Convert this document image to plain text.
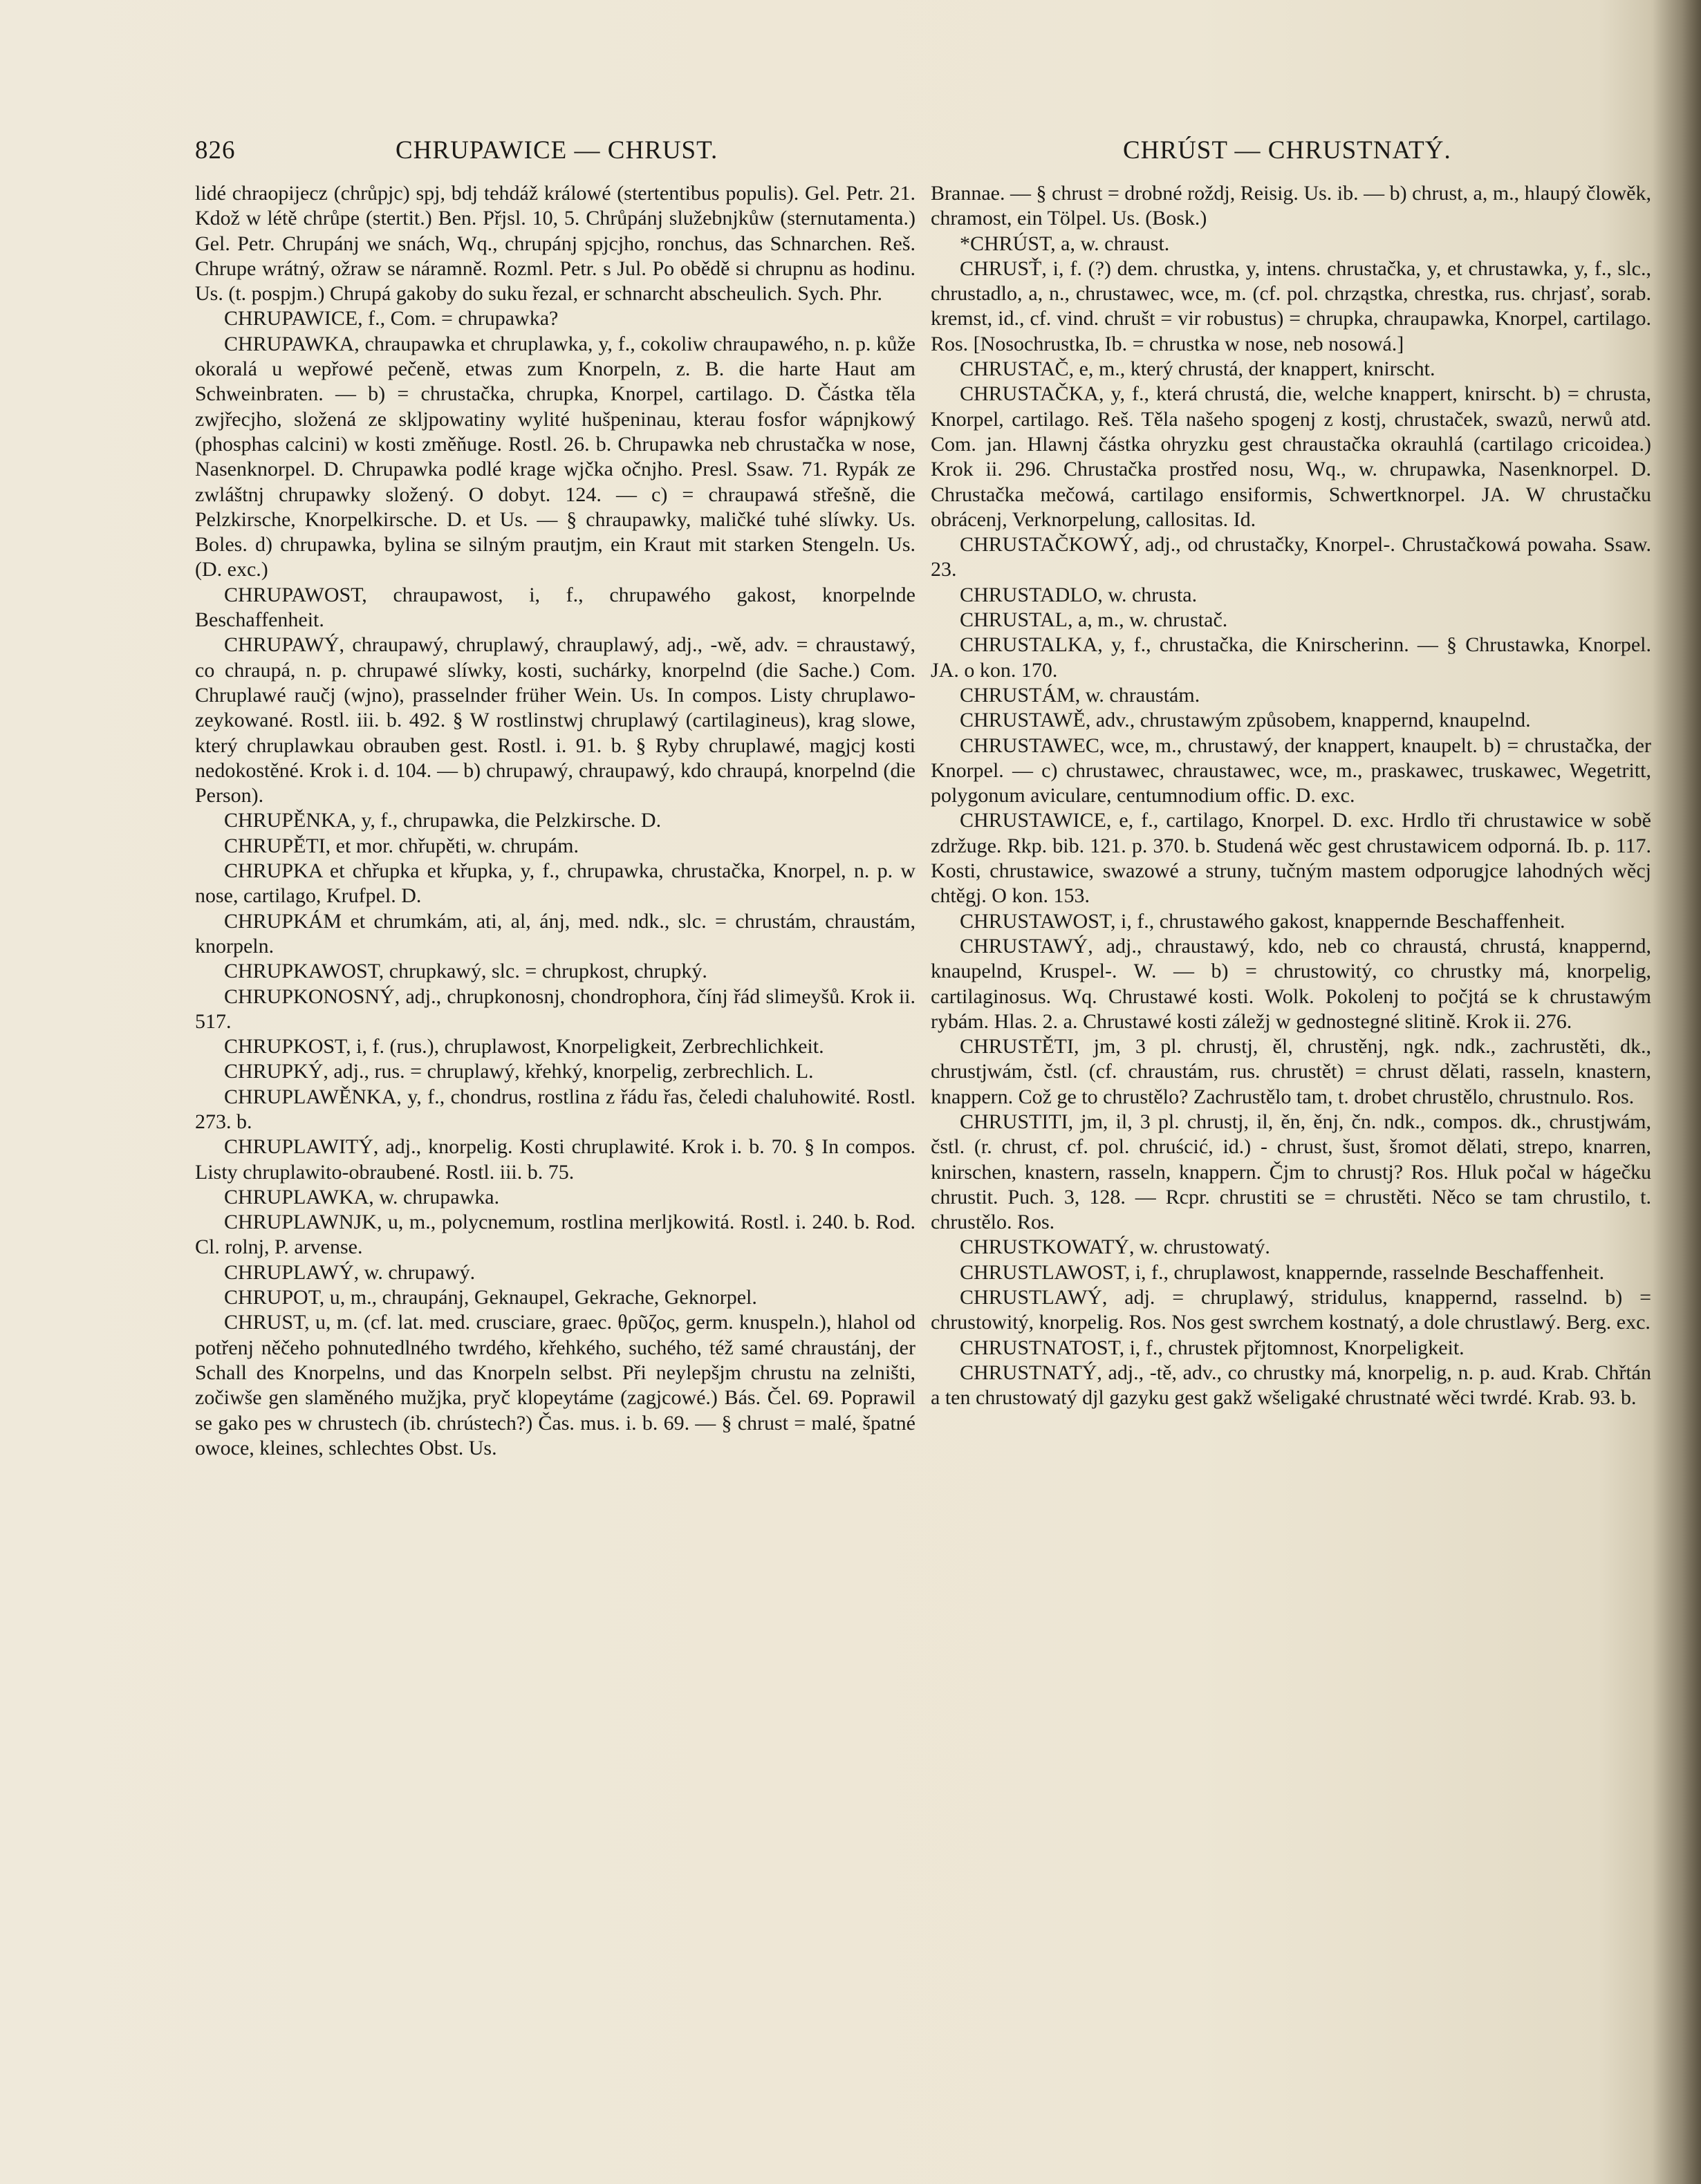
826	CHRUPAWICE — CHRUST.	CHRÚST — CHRUSTNATÝ.

lidé chraopijecz (chrůpjc) spj, bdj tehdáž králowé (stertentibus populis). Gel. Petr. 21. Kdož w létě chrůpe (stertit.) Ben. Přjsl. 10, 5. Chrůpánj služebnjkůw (sternutamenta.) Gel. Petr. Chrupánj we snách, Wq., chrupánj spjcjho, ronchus, das Schnarchen. Reš. Chrupe wrátný, ožraw se náramně. Rozml. Petr. s Jul. Po obědě si chrupnu as hodinu. Us. (t. pospjm.) Chrupá gakoby do suku řezal, er schnarcht abscheulich. Sych. Phr.

CHRUPAWICE, f., Com. = chrupawka?

CHRUPAWKA, chraupawka et chruplawka, y, f., cokoliw chraupawého, n. p. kůže okoralá u wepřowé pečeně, etwas zum Knorpeln, z. B. die harte Haut am Schweinbraten. — b) = chrustačka, chrupka, Knorpel, cartilago. D. Částka těla zwjřecjho, složená ze skljpowatiny wylité hušpeninau, kterau fosfor wápnjkowý (phosphas calcini) w kosti změňuge. Rostl. 26. b. Chrupawka neb chrustačka w nose, Nasenknorpel. D. Chrupawka podlé krage wjčka očnjho. Presl. Ssaw. 71. Rypák ze zwláštnj chrupawky složený. O dobyt. 124. — c) = chraupawá střešně, die Pelzkirsche, Knorpelkirsche. D. et Us. — § chraupawky, maličké tuhé slíwky. Us. Boles. d) chrupawka, bylina se silným prautjm, ein Kraut mit starken Stengeln. Us. (D. exc.)

CHRUPAWOST, chraupawost, i, f., chrupawého gakost, knorpelnde Beschaffenheit.

CHRUPAWÝ, chraupawý, chruplawý, chrauplawý, adj., -wě, adv. = chraustawý, co chraupá, n. p. chrupawé slíwky, kosti, suchárky, knorpelnd (die Sache.) Com. Chruplawé raučj (wjno), prasselnder früher Wein. Us. In compos. Listy chruplawo-zeykowané. Rostl. iii. b. 492. § W rostlinstwj chruplawý (cartilagineus), krag slowe, který chruplawkau obrauben gest. Rostl. i. 91. b. § Ryby chruplawé, magjcj kosti nedokostěné. Krok i. d. 104. — b) chrupawý, chraupawý, kdo chraupá, knorpelnd (die Person).

CHRUPĚNKA, y, f., chrupawka, die Pelzkirsche. D.

CHRUPĚTI, et mor. chřupěti, w. chrupám.

CHRUPKA et chřupka et křupka, y, f., chrupawka, chrustačka, Knorpel, n. p. w nose, cartilago, Krufpel. D.

CHRUPKÁM et chrumkám, ati, al, ánj, med. ndk., slc. = chrustám, chraustám, knorpeln.

CHRUPKAWOST, chrupkawý, slc. = chrupkost, chrupký.

CHRUPKONOSNÝ, adj., chrupkonosnj, chondrophora, čínj řád slimeyšů. Krok ii. 517.

CHRUPKOST, i, f. (rus.), chruplawost, Knorpeligkeit, Zerbrechlichkeit.

CHRUPKÝ, adj., rus. = chruplawý, křehký, knorpelig, zerbrechlich. L.

CHRUPLAWĚNKA, y, f., chondrus, rostlina z řádu řas, čeledi chaluhowité. Rostl. 273. b.

CHRUPLAWITÝ, adj., knorpelig. Kosti chruplawité. Krok i. b. 70. § In compos. Listy chruplawito-obraubené. Rostl. iii. b. 75.

CHRUPLAWKA, w. chrupawka.

CHRUPLAWNJK, u, m., polycnemum, rostlina merljkowitá. Rostl. i. 240. b. Rod. Cl. rolnj, P. arvense.

CHRUPLAWÝ, w. chrupawý.

CHRUPOT, u, m., chraupánj, Geknaupel, Gekrache, Geknorpel.

CHRUST, u, m. (cf. lat. med. crusciare, graec. θρῦζος, germ. knuspeln.), hlahol od potřenj něčeho pohnutedlného twrdého, křehkého, suchého, též samé chraustánj, der Schall des Knorpelns, und das Knorpeln selbst. Při neylepšjm chrustu na zelništi, zočiwše gen slaměného mužjka, pryč klopeytáme (zagjcowé.) Bás. Čel. 69. Poprawil se gako pes w chrustech (ib. chrústech?) Čas. mus. i. b. 69. — § chrust = malé, špatné owoce, kleines, schlechtes Obst. Us.

Brannae. — § chrust = drobné roždj, Reisig. Us. ib. — b) chrust, a, m., hlaupý člowěk, chramost, ein Tölpel. Us. (Bosk.)

*CHRÚST, a, w. chraust.

CHRUSŤ, i, f. (?) dem. chrustka, y, intens. chrustačka, y, et chrustawka, y, f., slc., chrustadlo, a, n., chrustawec, wce, m. (cf. pol. chrząstka, chrestka, rus. chrjasť, sorab. kremst, id., cf. vind. chrušt = vir robustus) = chrupka, chraupawka, Knorpel, cartilago. Ros. [Nosochrustka, Ib. = chrustka w nose, neb nosowá.]

CHRUSTAČ, e, m., který chrustá, der knappert, knirscht.

CHRUSTAČKA, y, f., která chrustá, die, welche knappert, knirscht. b) = chrusta, Knorpel, cartilago. Reš. Těla našeho spogenj z kostj, chrustaček, swazů, nerwů atd. Com. jan. Hlawnj částka ohryzku gest chraustačka okrauhlá (cartilago cricoidea.) Krok ii. 296. Chrustačka prostřed nosu, Wq., w. chrupawka, Nasenknorpel. D. Chrustačka mečowá, cartilago ensiformis, Schwertknorpel. JA. W chrustačku obrácenj, Verknorpelung, callositas. Id.

CHRUSTAČKOWÝ, adj., od chrustačky, Knorpel-. Chrustačkowá powaha. Ssaw. 23.

CHRUSTADLO, w. chrusta.

CHRUSTAL, a, m., w. chrustač.

CHRUSTALKA, y, f., chrustačka, die Knirscherinn. — § Chrustawka, Knorpel. JA. o kon. 170.

CHRUSTÁM, w. chraustám.

CHRUSTAWĚ, adv., chrustawým způsobem, knappernd, knaupelnd.

CHRUSTAWEC, wce, m., chrustawý, der knappert, knaupelt. b) = chrustačka, der Knorpel. — c) chrustawec, chraustawec, wce, m., praskawec, truskawec, Wegetritt, polygonum aviculare, centumnodium offic. D. exc.

CHRUSTAWICE, e, f., cartilago, Knorpel. D. exc. Hrdlo tři chrustawice w sobě zdržuge. Rkp. bib. 121. p. 370. b. Studená wěc gest chrustawicem odporná. Ib. p. 117. Kosti, chrustawice, swazowé a struny, tučným mastem odporugjce lahodných wěcj chtěgj. O kon. 153.

CHRUSTAWOST, i, f., chrustawého gakost, knappernde Beschaffenheit.

CHRUSTAWÝ, adj., chraustawý, kdo, neb co chraustá, chrustá, knappernd, knaupelnd, Kruspel-. W. — b) = chrustowitý, co chrustky má, knorpelig, cartilaginosus. Wq. Chrustawé kosti. Wolk. Pokolenj to počjtá se k chrustawým rybám. Hlas. 2. a. Chrustawé kosti záležj w gednostegné slitině. Krok ii. 276.

CHRUSTĚTI, jm, 3 pl. chrustj, ěl, chrustěnj, ngk. ndk., zachrustěti, dk., chrustjwám, čstl. (cf. chraustám, rus. chrustět) = chrust dělati, rasseln, knastern, knappern. Což ge to chrustělo? Zachrustělo tam, t. drobet chrustělo, chrustnulo. Ros.

CHRUSTITI, jm, il, 3 pl. chrustj, il, ěn, ěnj, čn. ndk., compos. dk., chrustjwám, čstl. (r. chrust, cf. pol. chruścić, id.) - chrust, šust, šromot dělati, strepo, knarren, knirschen, knastern, rasseln, knappern. Čjm to chrustj? Ros. Hluk počal w hágečku chrustit. Puch. 3, 128. — Rcpr. chrustiti se = chrustěti. Něco se tam chrustilo, t. chrustělo. Ros.

CHRUSTKOWATÝ, w. chrustowatý.

CHRUSTLAWOST, i, f., chruplawost, knappernde, rasselnde Beschaffenheit.

CHRUSTLAWÝ, adj. = chruplawý, stridulus, knappernd, rasselnd. b) = chrustowitý, knorpelig. Ros. Nos gest swrchem kostnatý, a dole chrustlawý. Berg. exc.

CHRUSTNATOST, i, f., chrustek přjtomnost, Knorpeligkeit.

CHRUSTNATÝ, adj., -tě, adv., co chrustky má, knorpelig, n. p. aud. Krab. Chřtán a ten chrustowatý djl gazyku gest gakž wšeligaké chrustnaté wěci twrdé. Krab. 93. b.
